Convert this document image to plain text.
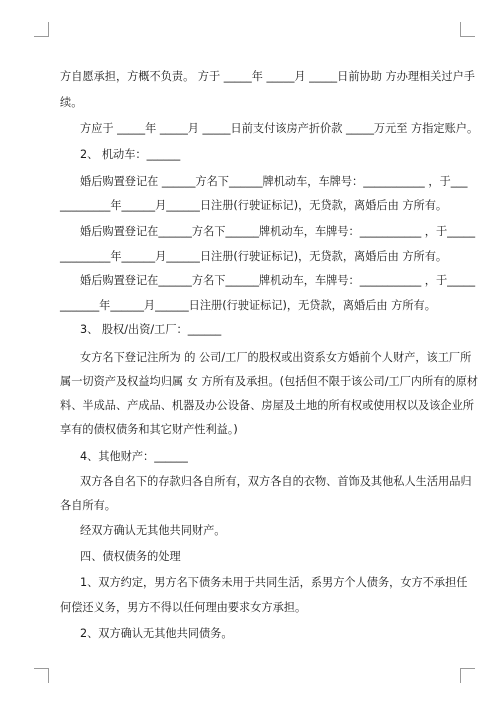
方自愿承担，方概不负责。 方于 _____年 _____月 _____日前协助 方办理相关过户手
续。
方应于 _____年 _____月 _____日前支付该房产折价款 _____万元至 方指定账户。
2、 机动车：______
婚后购置登记在 ______方名下______牌机动车，车牌号：___________ ，于___
_________年______月______日注册(行驶证标记)，无贷款，离婚后由 方所有。
婚后购置登记在______方名下______牌机动车，车牌号：___________ ，于_____
_________年______月______日注册(行驶证标记)，无贷款，离婚后由 方所有。
婚后购置登记在______方名下______牌机动车，车牌号：___________ ，于_____
_______年______月______日注册(行驶证标记)，无贷款，离婚后由 方所有。
3、 股权/出资/工厂：______
女方名下登记注所为 的 公司/工厂的股权或出资系女方婚前个人财产，该工厂所
属一切资产及权益均归属 女 方所有及承担。(包括但不限于该公司/工厂内所有的原材
料、半成品、产成品、机器及办公设备、房屋及土地的所有权或使用权以及该企业所
享有的债权债务和其它财产性利益。)
4、其他财产：______
双方各自名下的存款归各自所有，双方各自的衣物、首饰及其他私人生活用品归
各自所有。
经双方确认无其他共同财产。
四、债权债务的处理
1、双方约定，男方名下债务未用于共同生活，系男方个人债务，女方不承担任
何偿还义务，男方不得以任何理由要求女方承担。
2、双方确认无其他共同债务。
